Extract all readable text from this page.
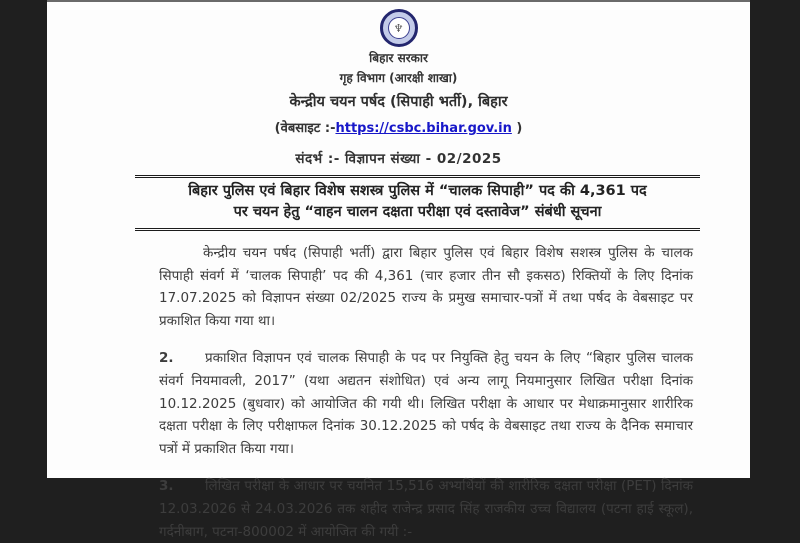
♆
बिहार सरकार
गृह विभाग (आरक्षी शाखा)
केन्द्रीय चयन पर्षद (सिपाही भर्ती), बिहार
(वेबसाइट :-https://csbc.bihar.gov.in )
संदर्भ :- विज्ञापन संख्या - 02/2025
बिहार पुलिस एवं बिहार विशेष सशस्त्र पुलिस में “चालक सिपाही” पद की 4,361 पद
पर चयन हेतु “वाहन चालन दक्षता परीक्षा एवं दस्तावेज” संबंधी सूचना

केन्द्रीय चयन पर्षद (सिपाही भर्ती) द्वारा बिहार पुलिस एवं बिहार विशेष सशस्त्र पुलिस के चालक सिपाही संवर्ग में ‘चालक सिपाही’ पद की 4,361 (चार हजार तीन सौ इकसठ) रिक्तियों के लिए दिनांक 17.07.2025 को विज्ञापन संख्या 02/2025 राज्य के प्रमुख समाचार-पत्रों में तथा पर्षद के वेबसाइट पर प्रकाशित किया गया था।

2. प्रकाशित विज्ञापन एवं चालक सिपाही के पद पर नियुक्ति हेतु चयन के लिए “बिहार पुलिस चालक संवर्ग नियमावली, 2017” (यथा अद्यतन संशोधित) एवं अन्य लागू नियमानुसार लिखित परीक्षा दिनांक 10.12.2025 (बुधवार) को आयोजित की गयी थी। लिखित परीक्षा के आधार पर मेधाक्रमानुसार शारीरिक दक्षता परीक्षा के लिए परीक्षाफल दिनांक 30.12.2025 को पर्षद के वेबसाइट तथा राज्य के दैनिक समाचार पत्रों में प्रकाशित किया गया।

3. लिखित परीक्षा के आधार पर चयनित 15,516 अभ्यर्थियों की शारीरिक दक्षता परीक्षा (PET) दिनांक 12.03.2026 से 24.03.2026 तक शहीद राजेन्द्र प्रसाद सिंह राजकीय उच्च विद्यालय (पटना हाई स्कूल), गर्दनीबाग, पटना-800002 में आयोजित की गयी :-
